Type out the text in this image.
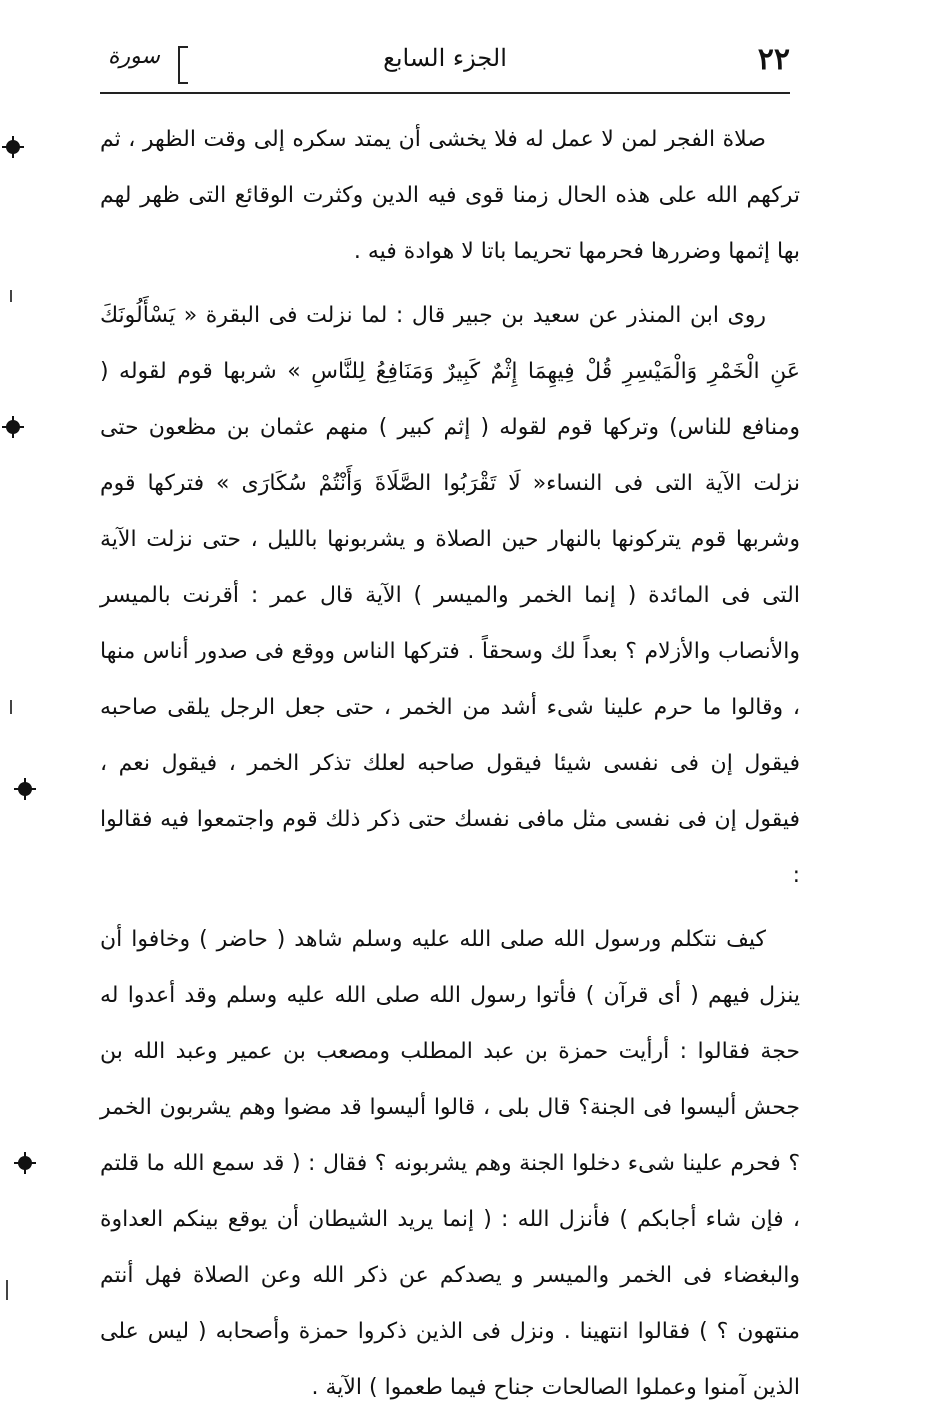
٢٢
الجزء السابع
سورة

صلاة الفجر لمن لا عمل له فلا يخشى أن يمتد سكره إلى وقت الظهر ، ثم تركهم الله على هذه الحال زمنا قوى فيه الدين وكثرت الوقائع التى ظهر لهم بها إثمها وضررها فحرمها تحريما باتا لا هوادة فيه .

روى ابن المنذر عن سعيد بن جبير قال : لما نزلت فى البقرة « يَسْأَلُونَكَ عَنِ الْخَمْرِ وَالْمَيْسِرِ قُلْ فِيهِمَا إِثْمٌ كَبِيرٌ وَمَنَافِعُ لِلنَّاسِ » شربها قوم لقوله ( ومنافع للناس) وتركها قوم لقوله ( إثم كبير ) منهم عثمان بن مظعون حتى نزلت الآية التى فى النساء« لَا تَقْرَبُوا الصَّلَاةَ وَأَنْتُمْ سُكَارَى » فتركها قوم وشربها قوم يتركونها بالنهار حين الصلاة و يشربونها بالليل ، حتى نزلت الآية التى فى المائدة ( إنما الخمر والميسر ) الآية قال عمر : أقرنت بالميسر والأنصاب والأزلام ؟ بعداً لك وسحقاً . فتركها الناس ووقع فى صدور أناس منها ، وقالوا ما حرم علينا شىء أشد من الخمر ، حتى جعل الرجل يلقى صاحبه فيقول إن فى نفسى شيئا فيقول صاحبه لعلك تذكر الخمر ، فيقول نعم ، فيقول إن فى نفسى مثل مافى نفسك حتى ذكر ذلك قوم واجتمعوا فيه فقالوا :

كيف نتكلم ورسول الله صلى الله عليه وسلم شاهد ( حاضر ) وخافوا أن ينزل فيهم ( أى قرآن ) فأتوا رسول الله صلى الله عليه وسلم وقد أعدوا له حجة فقالوا : أرأيت حمزة بن عبد المطلب ومصعب بن عمير وعبد الله بن جحش أليسوا فى الجنة؟ قال بلى ، قالوا أليسوا قد مضوا وهم يشربون الخمر ؟ فحرم علينا شىء دخلوا الجنة وهم يشربونه ؟ فقال : ( قد سمع الله ما قلتم ، فإن شاء أجابكم ) فأنزل الله : ( إنما يريد الشيطان أن يوقع بينكم العداوة والبغضاء فى الخمر والميسر و يصدكم عن ذكر الله وعن الصلاة فهل أنتم منتهون ؟ ) فقالوا انتهينا . ونزل فى الذين ذكروا حمزة وأصحابه ( ليس على الذين آمنوا وعملوا الصالحات جناح فيما طعموا ) الآية .
